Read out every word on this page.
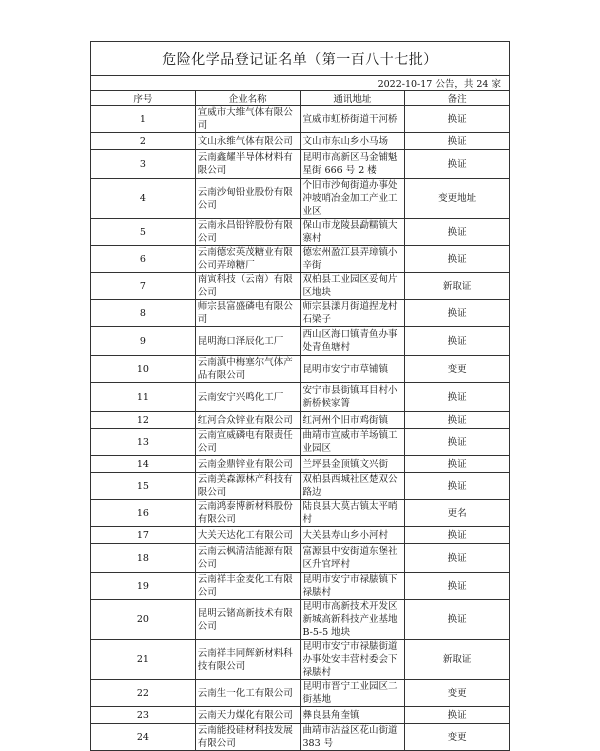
危险化学品登记证名单（第一百八十七批）			
2022-10-17 公告，共 24 家			
序号	企业名称	通讯地址	备注
1	宣威市大维气体有限公司	宣威市虹桥街道干河桥	换证
2	文山永维气体有限公司	文山市东山乡小马场	换证
3	云南鑫耀半导体材料有限公司	昆明市高新区马金铺魁星街 666 号 2 楼	换证
4	云南沙甸铅业股份有限公司	个旧市沙甸街道办事处冲坡哨冶金加工产业工业区	变更地址
5	云南永昌铅锌股份有限公司	保山市龙陵县勐糯镇大寨村	换证
6	云南德宏英茂糖业有限公司弄璋糖厂	德宏州盈江县弄璋镇小辛街	换证
7	南寅科技（云南）有限公司	双柏县工业园区妥甸片区地块	新取证
8	师宗县富盛磷电有限公司	师宗县漾月街道捏龙村石梁子	换证
9	昆明海口泽辰化工厂	西山区海口镇青鱼办事处青鱼塘村	换证
10	云南滇中梅塞尔气体产品有限公司	昆明市安宁市草铺镇	变更
11	云南安宁兴鸣化工厂	安宁市县街镇耳目村小新桥候家箐	换证
12	红河合众锌业有限公司	红河州个旧市鸡街镇	换证
13	云南宣威磷电有限责任公司	曲靖市宣威市羊场镇工业园区	换证
14	云南金鼎锌业有限公司	兰坪县金顶镇文兴街	换证
15	云南美森源林产科技有限公司	双柏县西城社区楚双公路边	换证
16	云南鸿泰博新材料股份有限公司	陆良县大莫古镇太平哨村	更名
17	大关天达化工有限公司	大关县寿山乡小河村	换证
18	云南云枫清洁能源有限公司	富源县中安街道东堡社区升官坪村	换证
19	云南祥丰金麦化工有限公司	昆明市安宁市禄脿镇下禄脿村	换证
20	昆明云锗高新技术有限公司	昆明市高新技术开发区新城高新科技产业基地 B-5-5 地块	换证
21	云南祥丰同辉新材料科技有限公司	昆明市安宁市禄脿街道办事处安丰营村委会下禄脿村	新取证
22	云南生一化工有限公司	昆明市晋宁工业园区二街基地	变更
23	云南天力煤化有限公司	彝良县角奎镇	换证
24	云南能投硅材科技发展有限公司	曲靖市沾益区花山街道 383 号	变更
